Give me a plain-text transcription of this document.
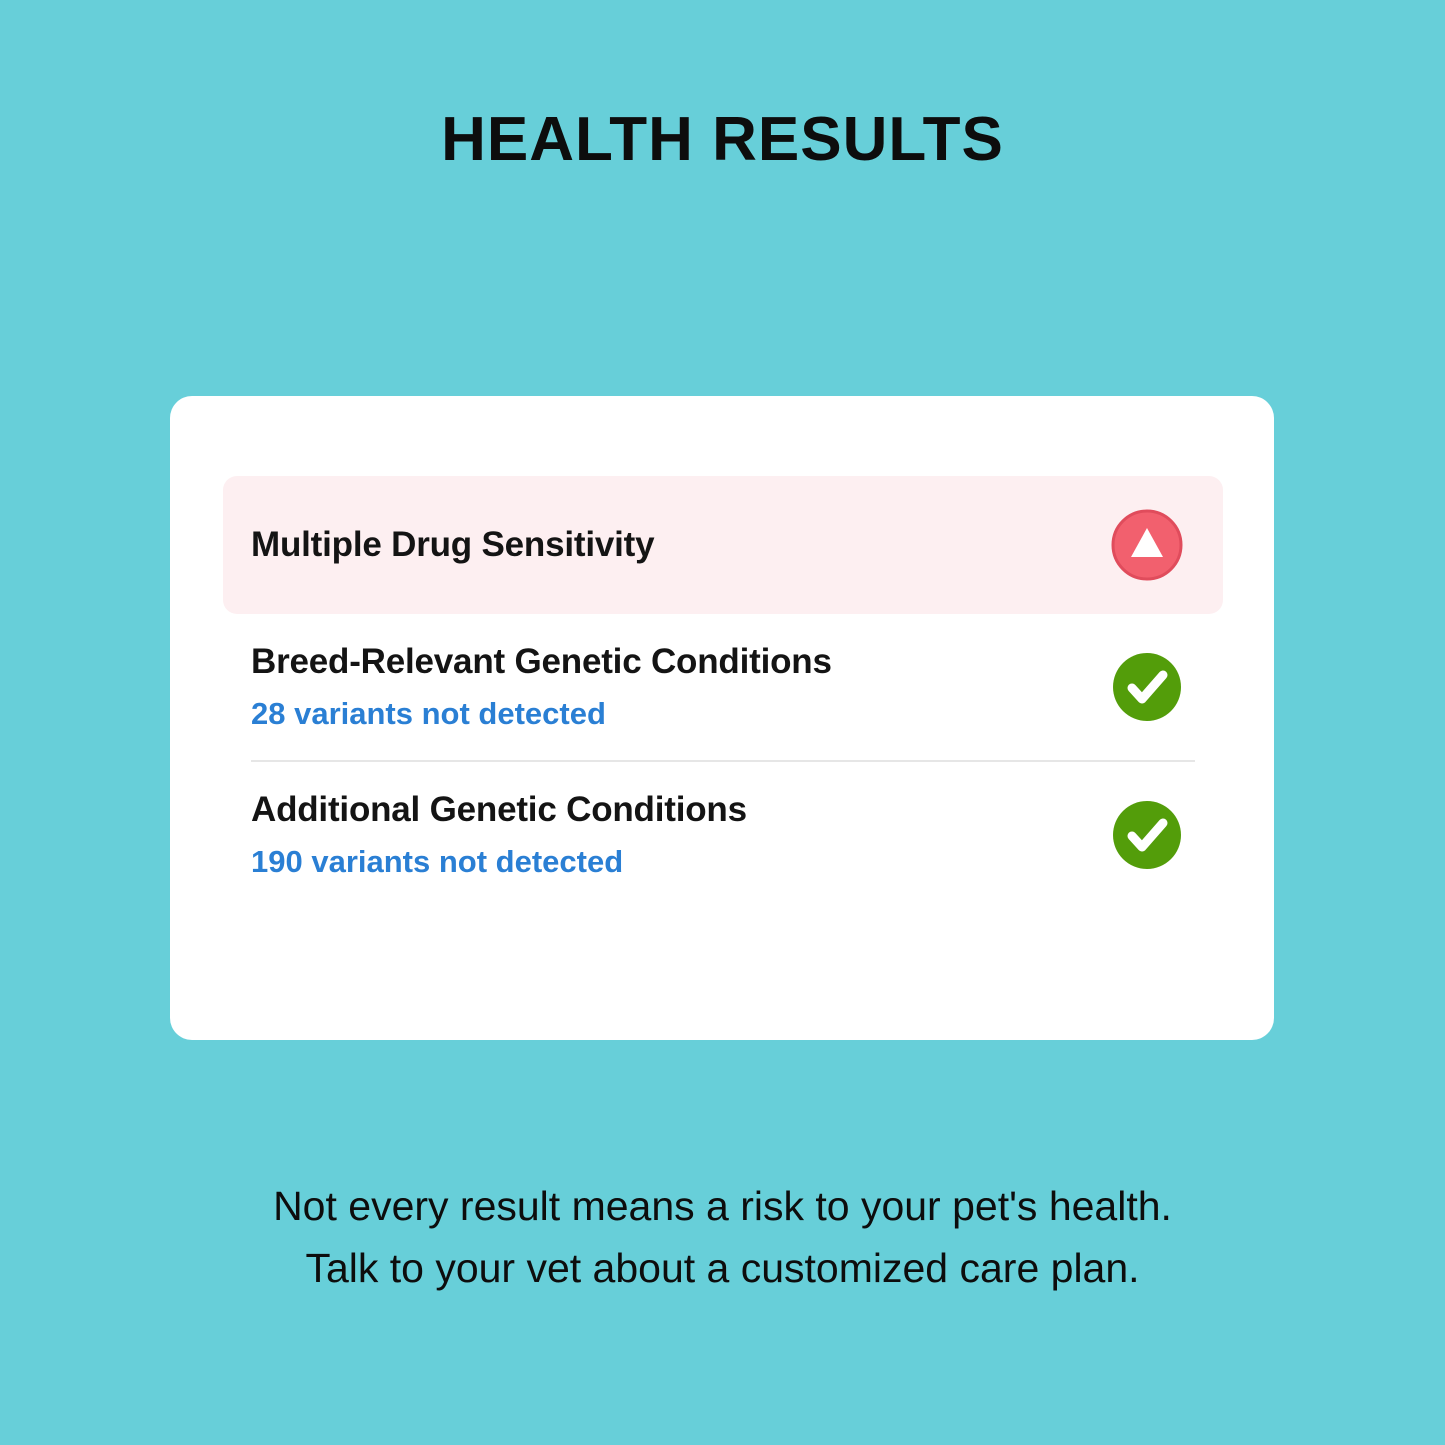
HEALTH RESULTS
Multiple Drug Sensitivity
Breed-Relevant Genetic Conditions
28 variants not detected
Additional Genetic Conditions
190 variants not detected
Not every result means a risk to your pet's health.
Talk to your vet about a customized care plan.
